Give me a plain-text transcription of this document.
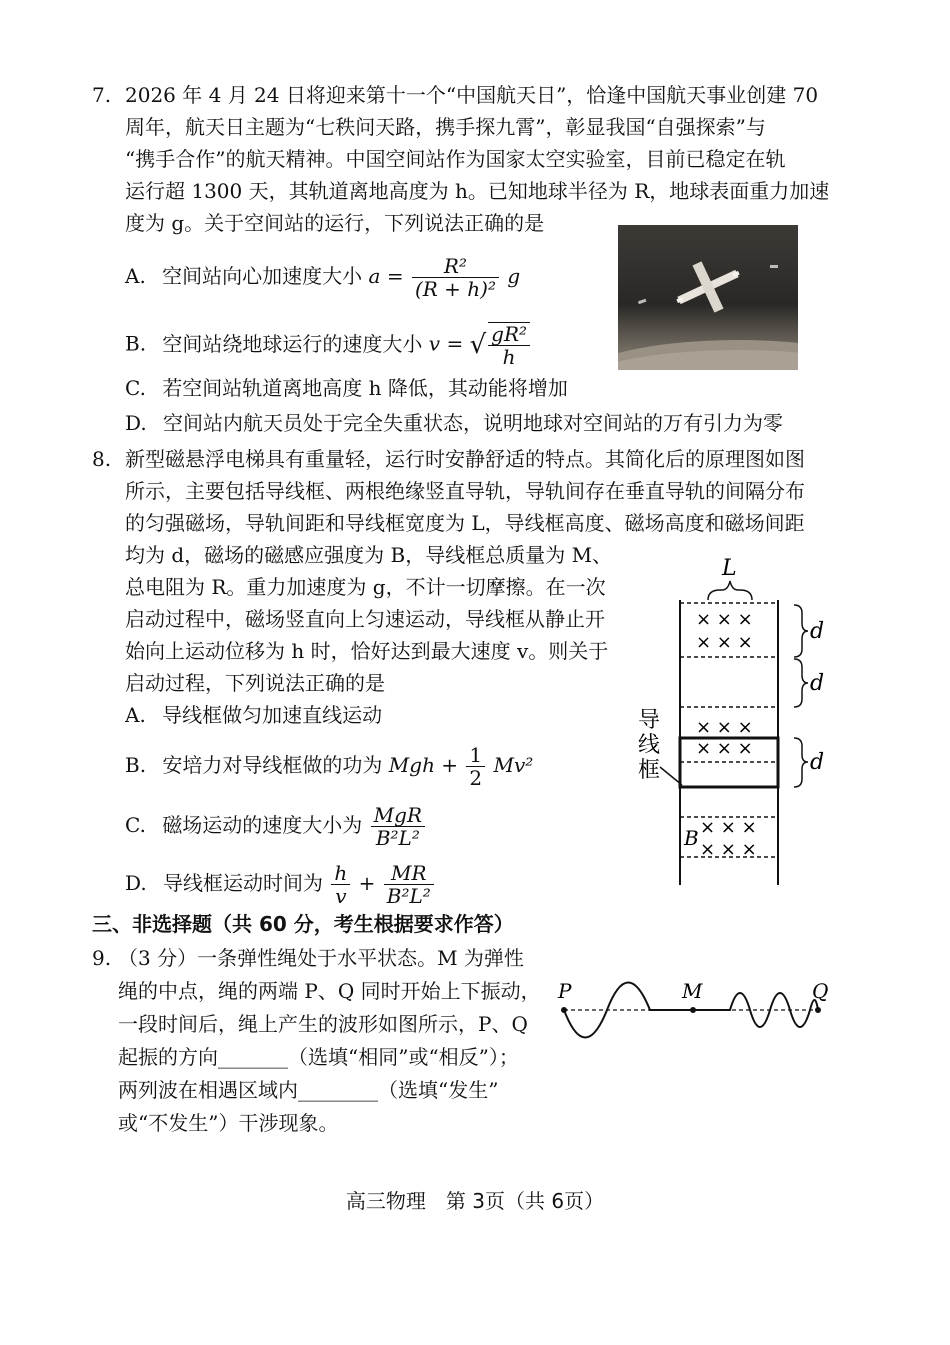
7. 2026 年 4 月 24 日将迎来第十一个“中国航天日”，恰逢中国航天事业创建 70
周年，航天日主题为“七秩问天路，携手探九霄”，彰显我国“自强探索”与
“携手合作”的航天精神。中国空间站作为国家太空实验室，目前已稳定在轨
运行超 1300 天，其轨道离地高度为 h。已知地球半径为 R，地球表面重力加速
度为 g。关于空间站的运行，下列说法正确的是
A. 空间站向心加速度大小 $a = \frac{\text{R²}}{\text{(R + h)²}}$ g
B. 空间站绕地球运行的速度大小 v = √ $\frac{\text{gR²}}{h}$
C. 若空间站轨道离地高度 h 降低，其动能将增加
D. 空间站内航天员处于完全失重状态，说明地球对空间站的万有引力为零
8. 新型磁悬浮电梯具有重量轻，运行时安静舒适的特点。其简化后的原理图如图
所示，主要包括导线框、两根绝缘竖直导轨，导轨间存在垂直导轨的间隔分布
的匀强磁场，导轨间距和导线框宽度为 L，导线框高度、磁场高度和磁场间距
均为 d，磁场的磁感应强度为 B，导线框总质量为 M、
总电阻为 R。重力加速度为 g，不计一切摩擦。在一次
启动过程中，磁场竖直向上匀速运动，导线框从静止开
始向上运动位移为 h 时，恰好达到最大速度 v。则关于
启动过程，下列说法正确的是
A. 导线框做匀加速直线运动
B. 安培力对导线框做的功为 Mgh + $\frac{1}{2} Mv^2$
C. 磁场运动的速度大小为 $\frac{\text{MgR}}{\text{B²L²}}$
D. 导线框运动时间为 $\frac{h}{v} + \frac{MR}{\text{B²L²}}$
L
× × ×
× × ×
× × ×
× × ×
× × ×
× × ×
导
线
框
B
d
d
d
三、非选择题（共 60 分，考生根据要求作答）
9. （3 分）一条弹性绳处于水平状态。M 为弹性
绳的中点，绳的两端 P、Q 同时开始上下振动，
一段时间后，绳上产生的波形如图所示，P、Q
起振的方向_______（选填“相同”或“相反”）；
两列波在相遇区域内________（选填“发生”
或“不发生”）干涉现象。
P	M	Q
高三物理　第 3页（共 6页）
